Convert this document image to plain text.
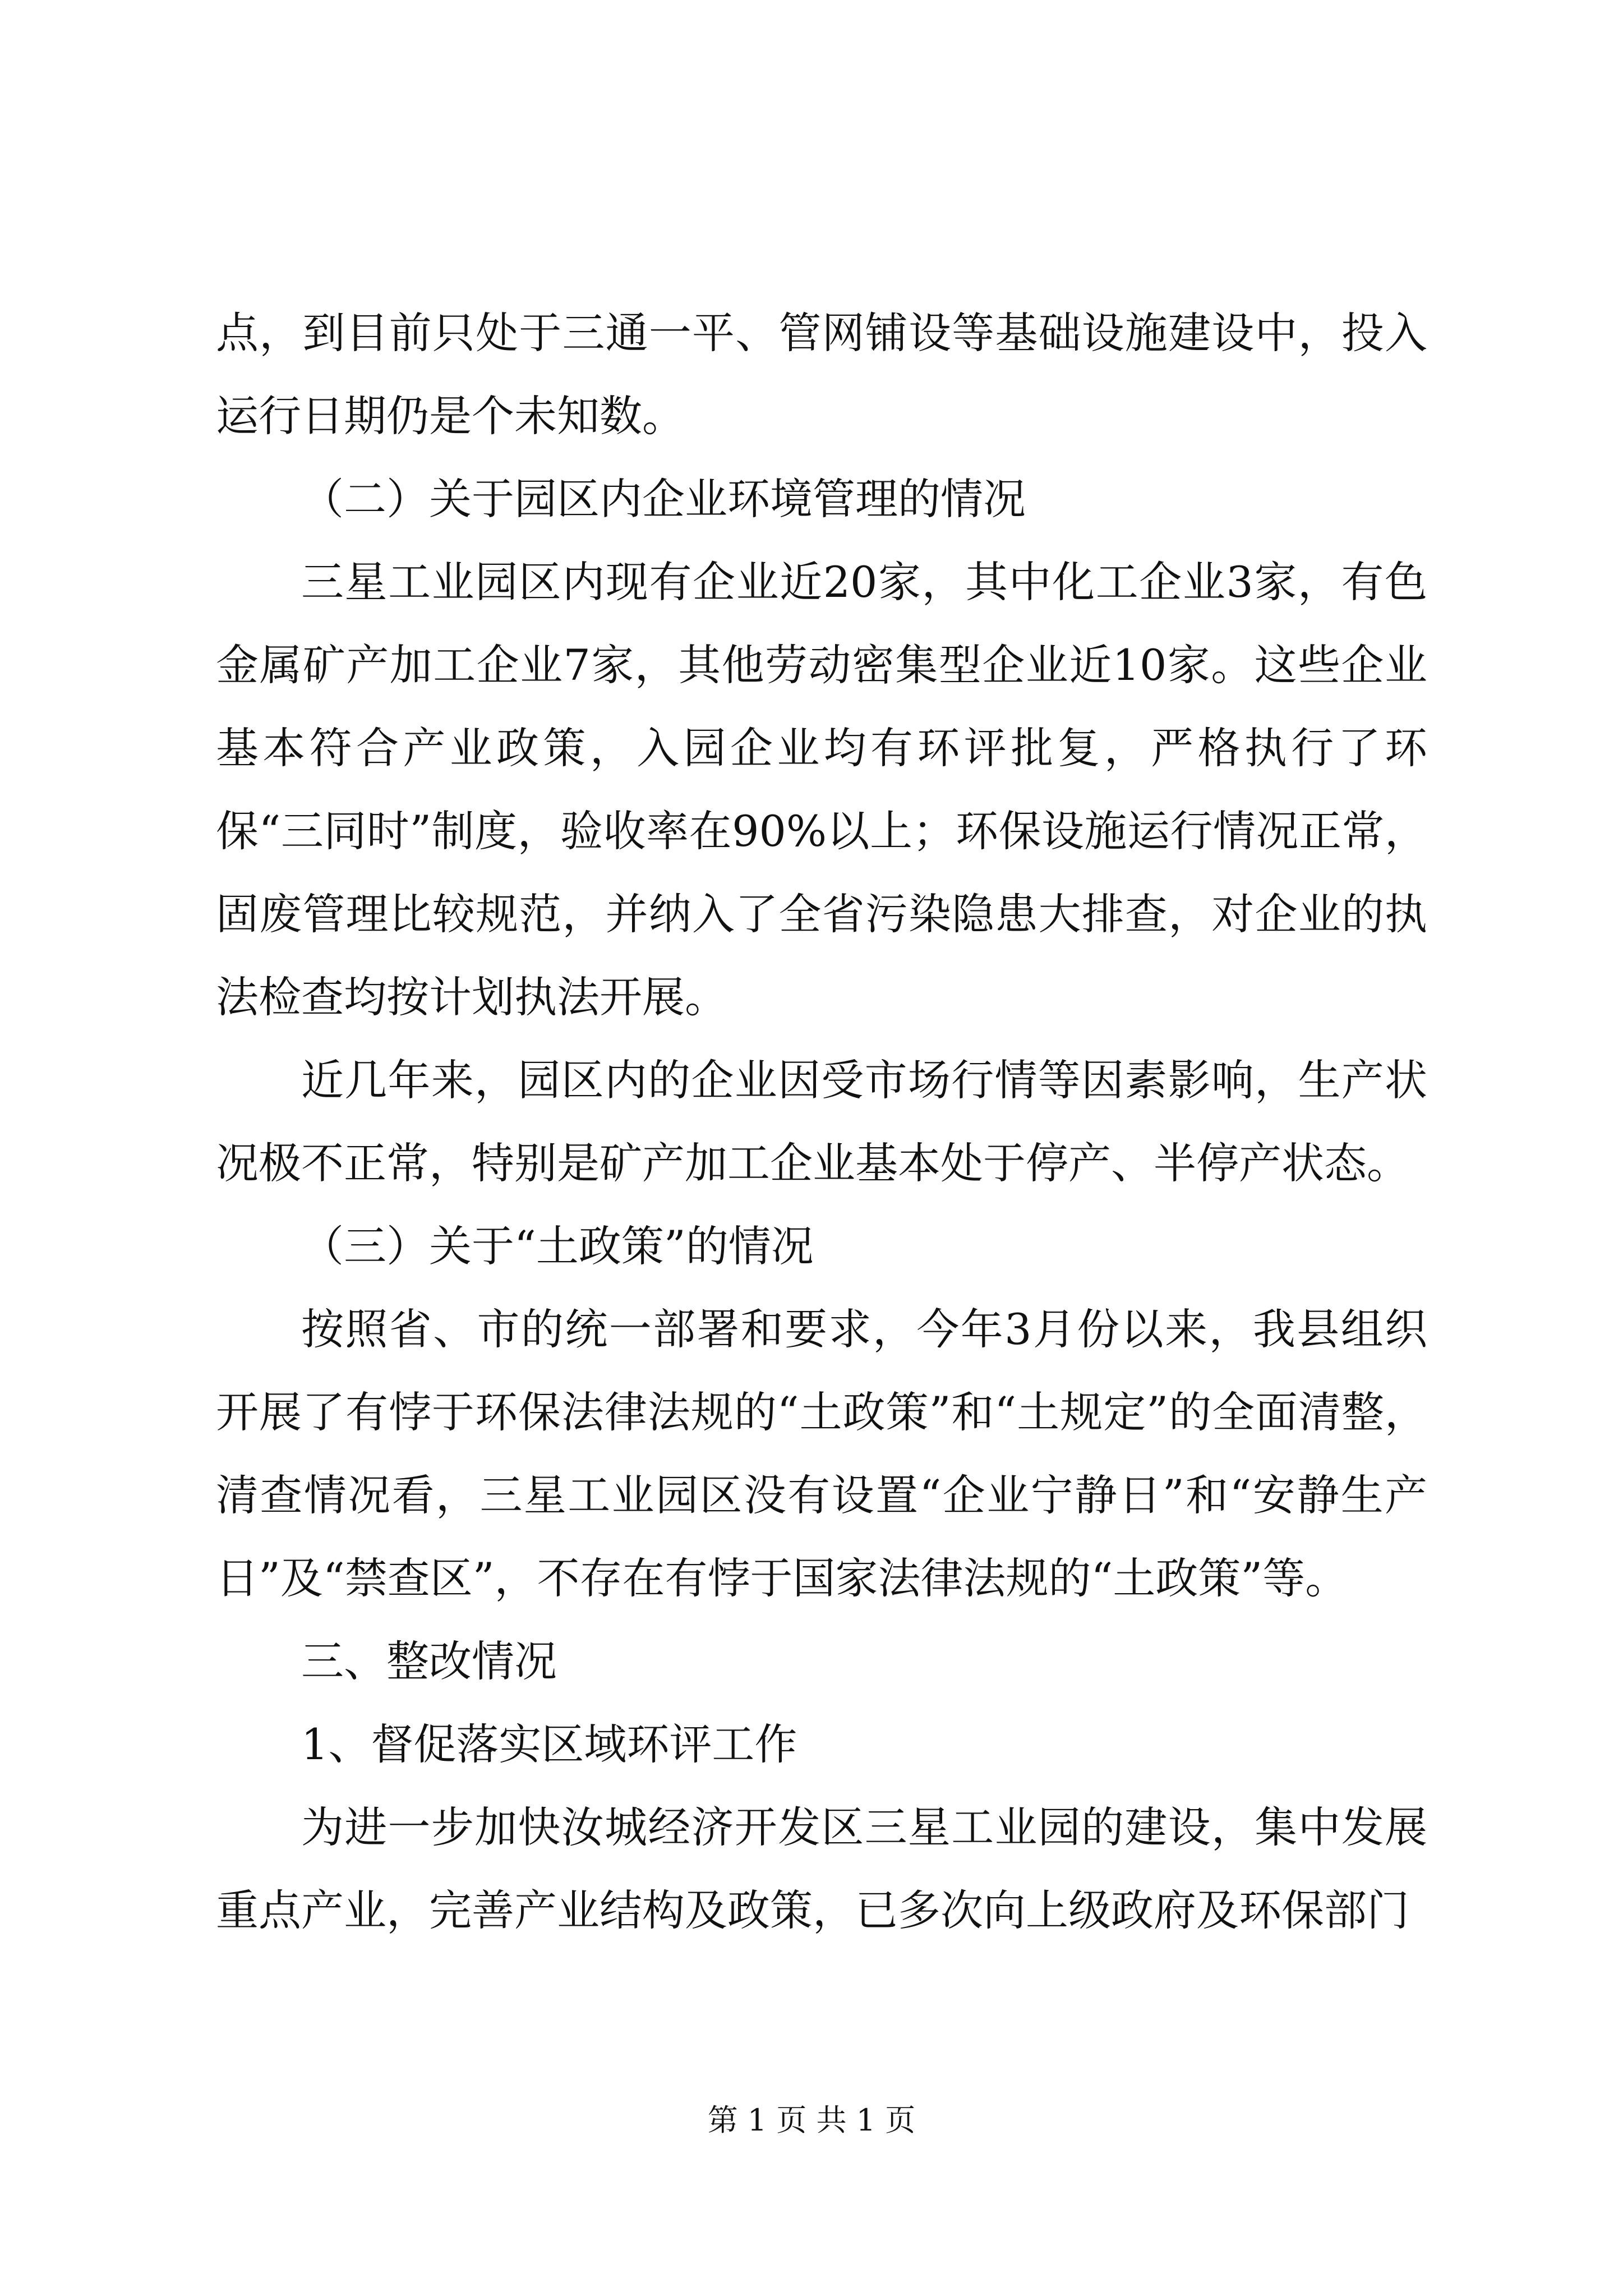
点，到目前只处于三通一平、管网铺设等基础设施建设中，投入运行日期仍是个未知数。

（二）关于园区内企业环境管理的情况

三星工业园区内现有企业近20家，其中化工企业3家，有色金属矿产加工企业7家，其他劳动密集型企业近10家。这些企业基本符合产业政策，入园企业均有环评批复，严格执行了环保“三同时”制度，验收率在90%以上；环保设施运行情况正常，固废管理比较规范，并纳入了全省污染隐患大排查，对企业的执法检查均按计划执法开展。

近几年来，园区内的企业因受市场行情等因素影响，生产状况极不正常，特别是矿产加工企业基本处于停产、半停产状态。

（三）关于“土政策”的情况

按照省、市的统一部署和要求，今年3月份以来，我县组织开展了有悖于环保法律法规的“土政策”和“土规定”的全面清整，清查情况看，三星工业园区没有设置“企业宁静日”和“安静生产日”及“禁查区”，不存在有悖于国家法律法规的“土政策”等。

三、整改情况

1、督促落实区域环评工作

为进一步加快汝城经济开发区三星工业园的建设，集中发展重点产业，完善产业结构及政策，已多次向上级政府及环保部门

第 1 页 共 1 页
